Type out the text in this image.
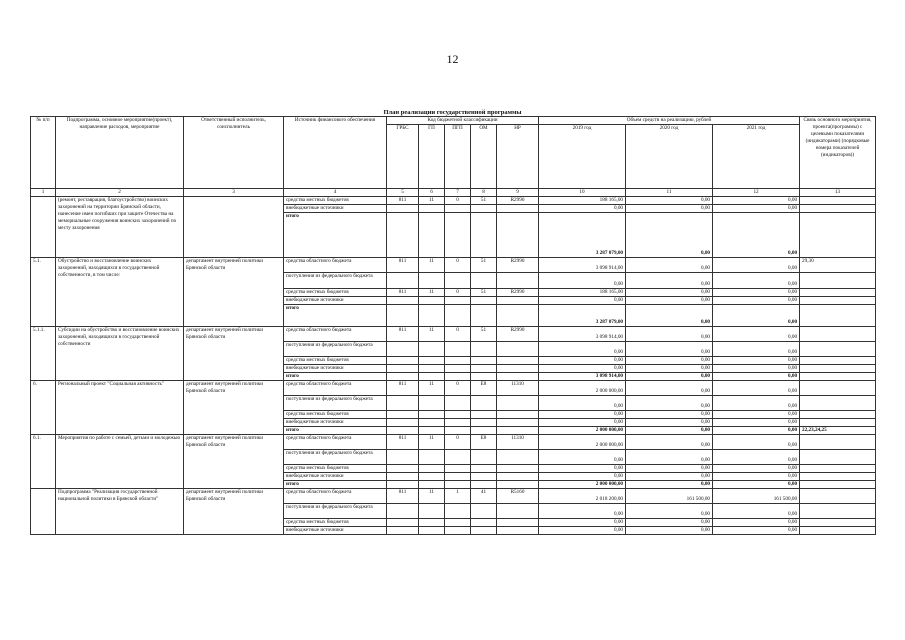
12
План реализации государственной программы
№ п/п	Подпрограмма, основное мероприятие(проект), направление расходов, мероприятие	Ответственный исполнитель, соисполнитель	Источник финансового обеспечения	Код бюджетной классификации					Объем средств на реализацию, рублей			Связь основного мероприятия, проекта(программы) с целевыми показателями (индикаторами) (порядковые номера показателей (индикаторов))
				ГРБС	ГП	ПГП	ОМ	НР	2019 год	2020 год	2021 год	
1	2	3	4	5	6	7	8	9	10	11	12	13
	(ремонт, реставрация, благоустройство) воинских захоронений на территории Брянской области, нанесение имен погибших при защите Отечества на мемориальные сооружения воинских захоронений по месту захоронения		средства местных бюджетов	811	11	0	51	R2990	188 165,00	0,00	0,00	
			внебюджетные источники						0,00	0,00	0,00	
			итого						3 287 079,00	0,00	0,00	
5.1.	Обустройство и восстановление воинских захоронений, находящихся в государственной собственности, в том числе:	департамент внутренней политики Брянской области	средства областного бюджета	811	11	0	51	R2990	3 098 914,00	0,00	0,00	29,30
			поступления из федерального бюджета						0,00	0,00	0,00	
			средства местных бюджетов	811	11	0	51	R2990	188 165,00	0,00	0,00	
			внебюджетные источники						0,00	0,00	0,00	
			итого						3 287 079,00	0,00	0,00	
5.1.1.	Субсидии на обустройство и восстановление воинских захоронений, находящихся в государственной собственности	департамент внутренней политики Брянской области	средства областного бюджета	811	11	0	51	R2990	3 098 914,00	0,00	0,00	
			поступления из федерального бюджета						0,00	0,00	0,00	
			средства местных бюджетов						0,00	0,00	0,00	
			внебюджетные источники						0,00	0,00	0,00	
			итого						3 098 914,00	0,00	0,00	
6.	Региональный проект "Социальная активность"	департамент внутренней политики Брянской области	средства областного бюджета	811	11	0	E8	11310	2 000 000,00	0,00	0,00	
			поступления из федерального бюджета						0,00	0,00	0,00	
			средства местных бюджетов						0,00	0,00	0,00	
			внебюджетные источники						0,00	0,00	0,00	
			итого						2 000 000,00	0,00	0,00	22,23,24,25
6.1.	Мероприятия по работе с семьей, детьми и молодежью	департамент внутренней политики Брянской области	средства областного бюджета	811	11	0	E8	11310	2 000 000,00	0,00	0,00	
			поступления из федерального бюджета						0,00	0,00	0,00	
			средства местных бюджетов						0,00	0,00	0,00	
			внебюджетные источники						0,00	0,00	0,00	
			итого						2 000 000,00	0,00	0,00	
	Подпрограмма "Реализация государственной национальной политики в Брянской области"	департамент внутренней политики Брянской области	средства областного бюджета	811	11	1	41	R5160	2 018 200,00	161 500,00	161 500,00	
			поступления из федерального бюджета						0,00	0,00	0,00	
			средства местных бюджетов						0,00	0,00	0,00	
			внебюджетные источники						0,00	0,00	0,00	
